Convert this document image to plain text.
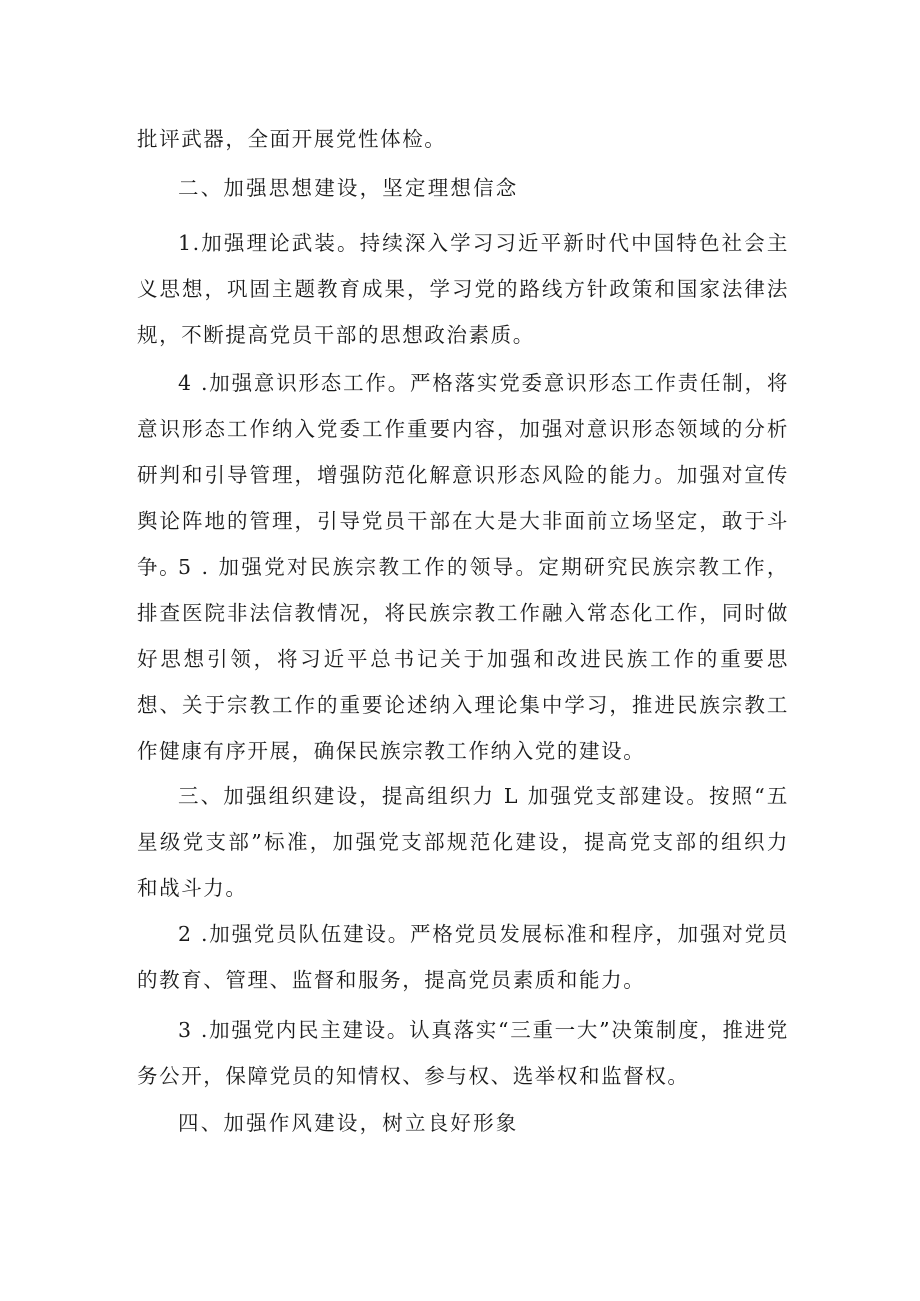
批评武器，全面开展党性体检。

二、加强思想建设，坚定理想信念

1.加强理论武装。持续深入学习习近平新时代中国特色社会主义思想，巩固主题教育成果，学习党的路线方针政策和国家法律法规，不断提高党员干部的思想政治素质。

4 .加强意识形态工作。严格落实党委意识形态工作责任制，将意识形态工作纳入党委工作重要内容，加强对意识形态领域的分析研判和引导管理，增强防范化解意识形态风险的能力。加强对宣传舆论阵地的管理，引导党员干部在大是大非面前立场坚定，敢于斗争。

5 . 加强党对民族宗教工作的领导。定期研究民族宗教工作，排查医院非法信教情况，将民族宗教工作融入常态化工作，同时做好思想引领，将习近平总书记关于加强和改进民族工作的重要思想、关于宗教工作的重要论述纳入理论集中学习，推进民族宗教工作健康有序开展，确保民族宗教工作纳入党的建设。

三、加强组织建设，提高组织力 L 加强党支部建设。按照“五星级党支部”标准，加强党支部规范化建设，提高党支部的组织力和战斗力。

2 .加强党员队伍建设。严格党员发展标准和程序，加强对党员的教育、管理、监督和服务，提高党员素质和能力。

3 .加强党内民主建设。认真落实“三重一大”决策制度，推进党务公开，保障党员的知情权、参与权、选举权和监督权。

四、加强作风建设，树立良好形象
